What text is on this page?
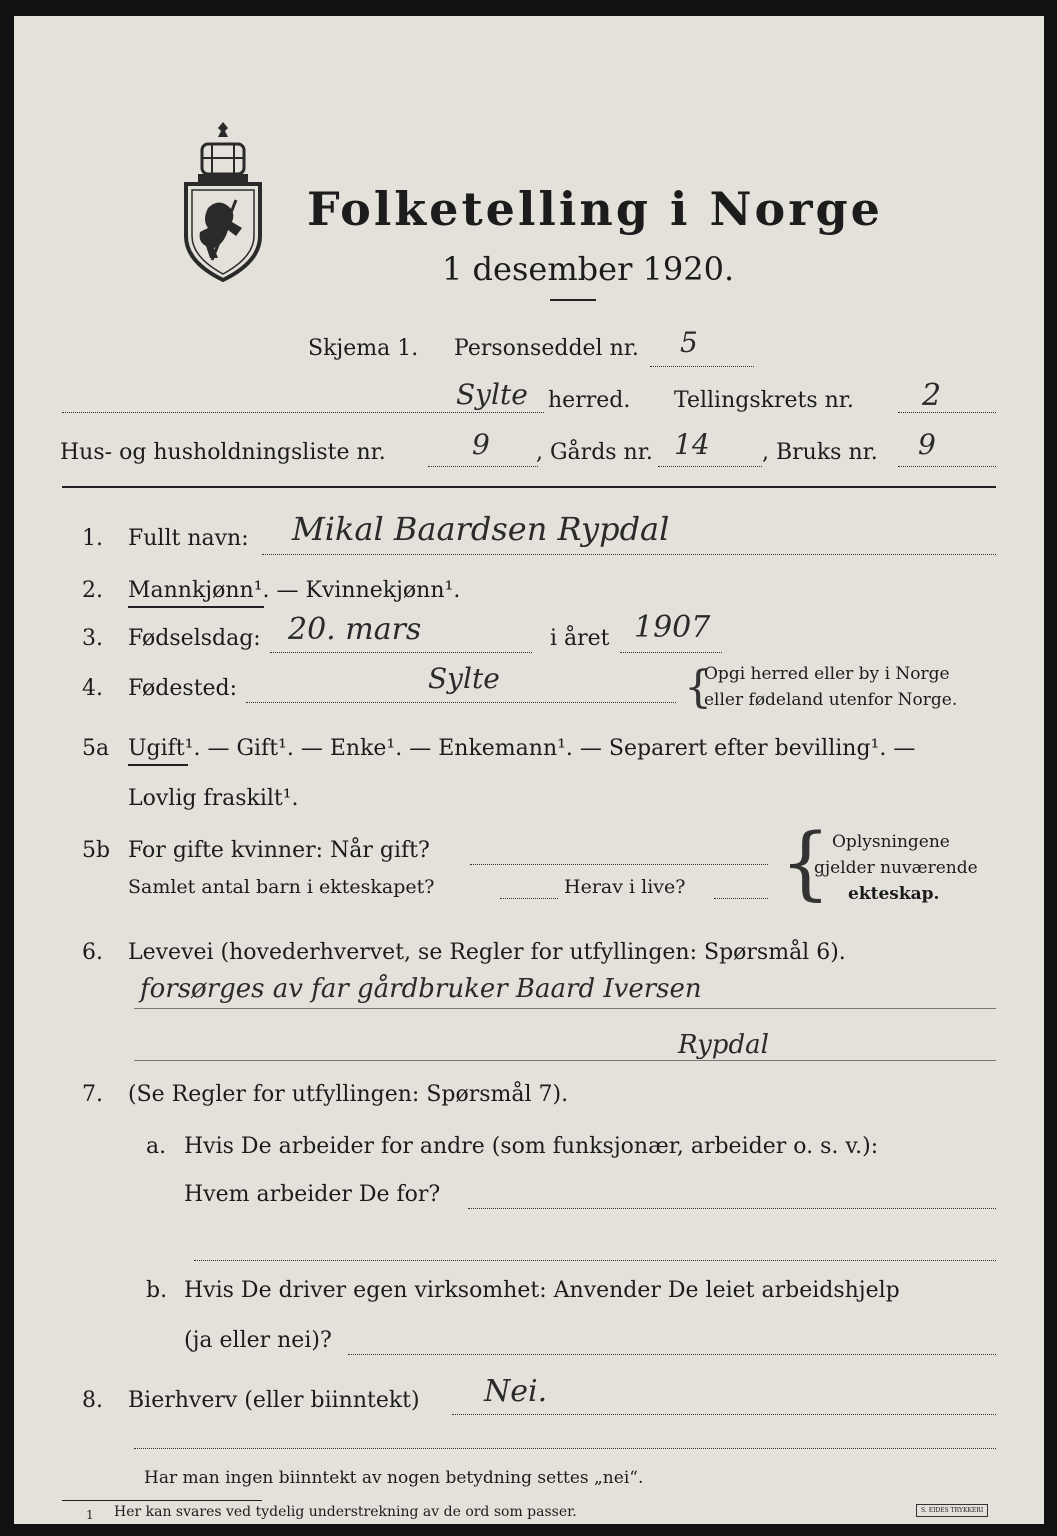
Folketelling i Norge
1 desember 1920.
Skjema 1. Personseddel nr. 5
Sylte herred. Tellingskrets nr. 2
Hus- og husholdningsliste nr.	9 , Gårds nr. 14 , Bruks nr. 9
1. Fullt navn: Mikal Baardsen Rypdal
2. Mannkjønn¹. — Kvinnekjønn¹.
3. Fødselsdag: 20. mars	i året 1907
4. Fødested:	Sylte	{
Opgi herred eller by i Norge
eller fødeland utenfor Norge.
5a Ugift¹. — Gift¹. — Enke¹. — Enkemann¹. — Separert efter bevilling¹. —
Lovlig fraskilt¹.
5b For gifte kvinner: Når gift?
Samlet antal barn i ekteskapet?	Herav i live? { Oplysningene
gjelder nuværende
ekteskap.
6. Levevei (hovederhvervet, se Regler for utfyllingen: Spørsmål 6).
forsørges av far gårdbruker Baard Iversen
Rypdal
7. (Se Regler for utfyllingen: Spørsmål 7).
a. Hvis De arbeider for andre (som funksjonær, arbeider o. s. v.):
Hvem arbeider De for?
b. Hvis De driver egen virksomhet: Anvender De leiet arbeidshjelp
(ja eller nei)?
8. Bierhverv (eller biinntekt) Nei.
Har man ingen biinntekt av nogen betydning settes „nei“.
1 Her kan svares ved tydelig understrekning av de ord som passer.	S. EIDES TRYKKERI
